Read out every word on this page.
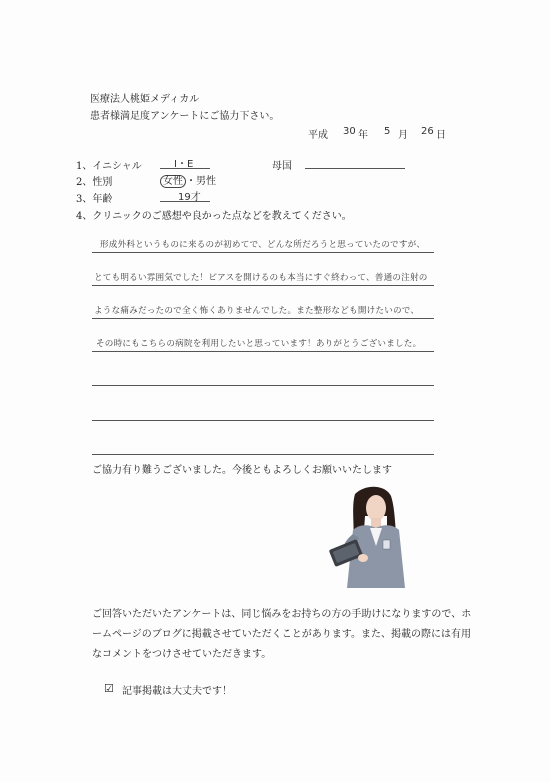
医療法人桃姫メディカル
患者様満足度アンケートにご協力下さい。
平成 30 年 5 月 26 日
1、イニシャル	I・E	母国
2、性別	女性 ・男性
3、年齢	19才
4、クリニックのご感想や良かった点などを教えてください。
形成外科というものに来るのが初めてで、どんな所だろうと思っていたのですが、
とても明るい雰囲気でした！ピアスを開けるのも本当にすぐ終わって、普通の注射の
ような痛みだったので全く怖くありませんでした。また整形なども開けたいので、
その時にもこちらの病院を利用したいと思っています！ありがとうございました。
ご協力有り難うございました。今後ともよろしくお願いいたします
ご回答いただいたアンケートは、同じ悩みをお持ちの方の手助けになりますので、ホ
ームページのブログに掲載させていただくことがあります。また、掲載の際には有用
なコメントをつけさせていただきます。
☑ 記事掲載は大丈夫です！
